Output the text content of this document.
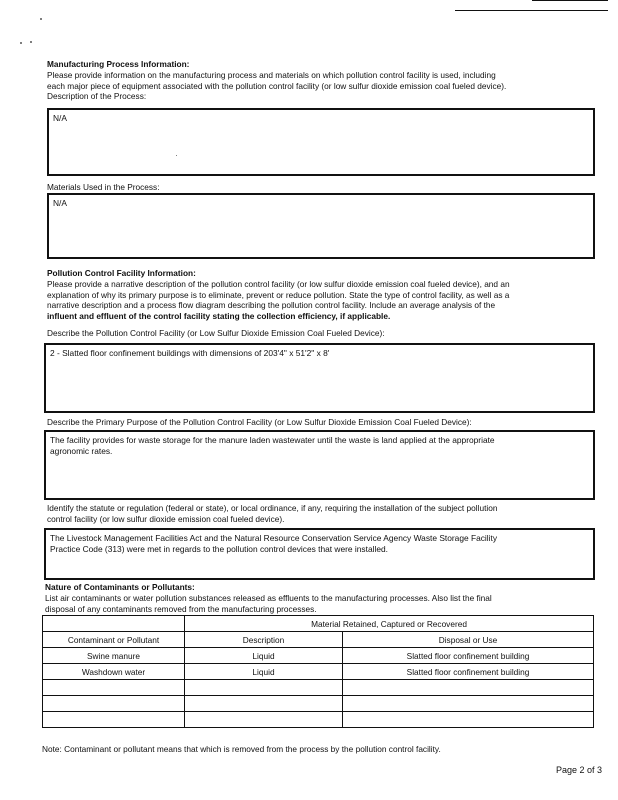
Manufacturing Process Information:
Please provide information on the manufacturing process and materials on which pollution control facility is used, including
each major piece of equipment associated with the pollution control facility (or low sulfur dioxide emission coal fueled device).
Description of the Process:
N/A
Materials Used in the Process:
N/A
Pollution Control Facility Information:
Please provide a narrative description of the pollution control facility (or low sulfur dioxide emission coal fueled device), and an
explanation of why its primary purpose is to eliminate, prevent or reduce pollution. State the type of control facility, as well as a
narrative description and a process flow diagram describing the pollution control facility. Include an average analysis of the
influent and effluent of the control facility stating the collection efficiency, if applicable.
Describe the Pollution Control Facility (or Low Sulfur Dioxide Emission Coal Fueled Device):
2 - Slatted floor confinement buildings with dimensions of 203'4" x 51'2" x 8'
Describe the Primary Purpose of the Pollution Control Facility (or Low Sulfur Dioxide Emission Coal Fueled Device):
The facility provides for waste storage for the manure laden wastewater until the waste is land applied at the appropriate
agronomic rates.
Identify the statute or regulation (federal or state), or local ordinance, if any, requiring the installation of the subject pollution
control facility (or low sulfur dioxide emission coal fueled device).
The Livestock Management Facilities Act and the Natural Resource Conservation Service Agency Waste Storage Facility
Practice Code (313) were met in regards to the pollution control devices that were installed.
Nature of Contaminants or Pollutants:
List air contaminants or water pollution substances released as effluents to the manufacturing processes. Also list the final
disposal of any contaminants removed from the manufacturing processes.
	Material Retained, Captured or Recovered	
Contaminant or Pollutant	Description	Disposal or Use
Swine manure	Liquid	Slatted floor confinement building
Washdown water	Liquid	Slatted floor confinement building

Note: Contaminant or pollutant means that which is removed from the process by the pollution control facility.
Page 2 of 3
